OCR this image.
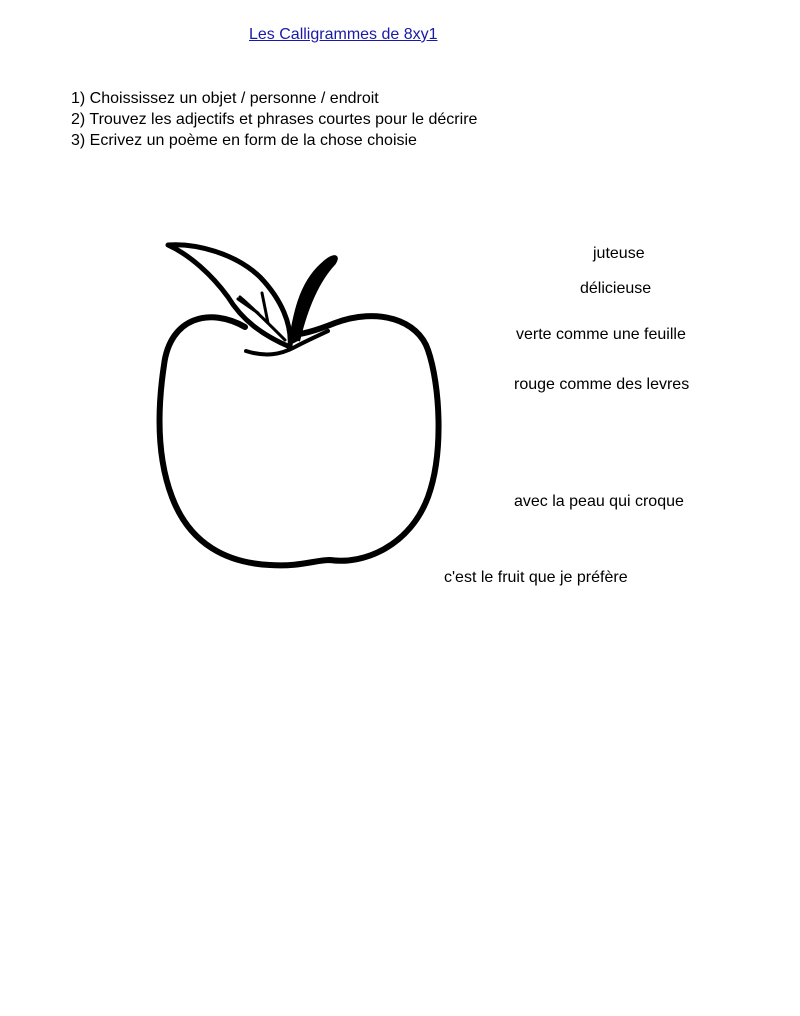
Les Calligrammes de 8xy1
1) Choississez un objet / personne / endroit
2) Trouvez les adjectifs et phrases courtes pour le décrire
3) Ecrivez un poème en form de la chose choisie
juteuse
délicieuse
verte comme une feuille
rouge comme des levres
avec la peau qui croque
c'est le fruit que je préfère
